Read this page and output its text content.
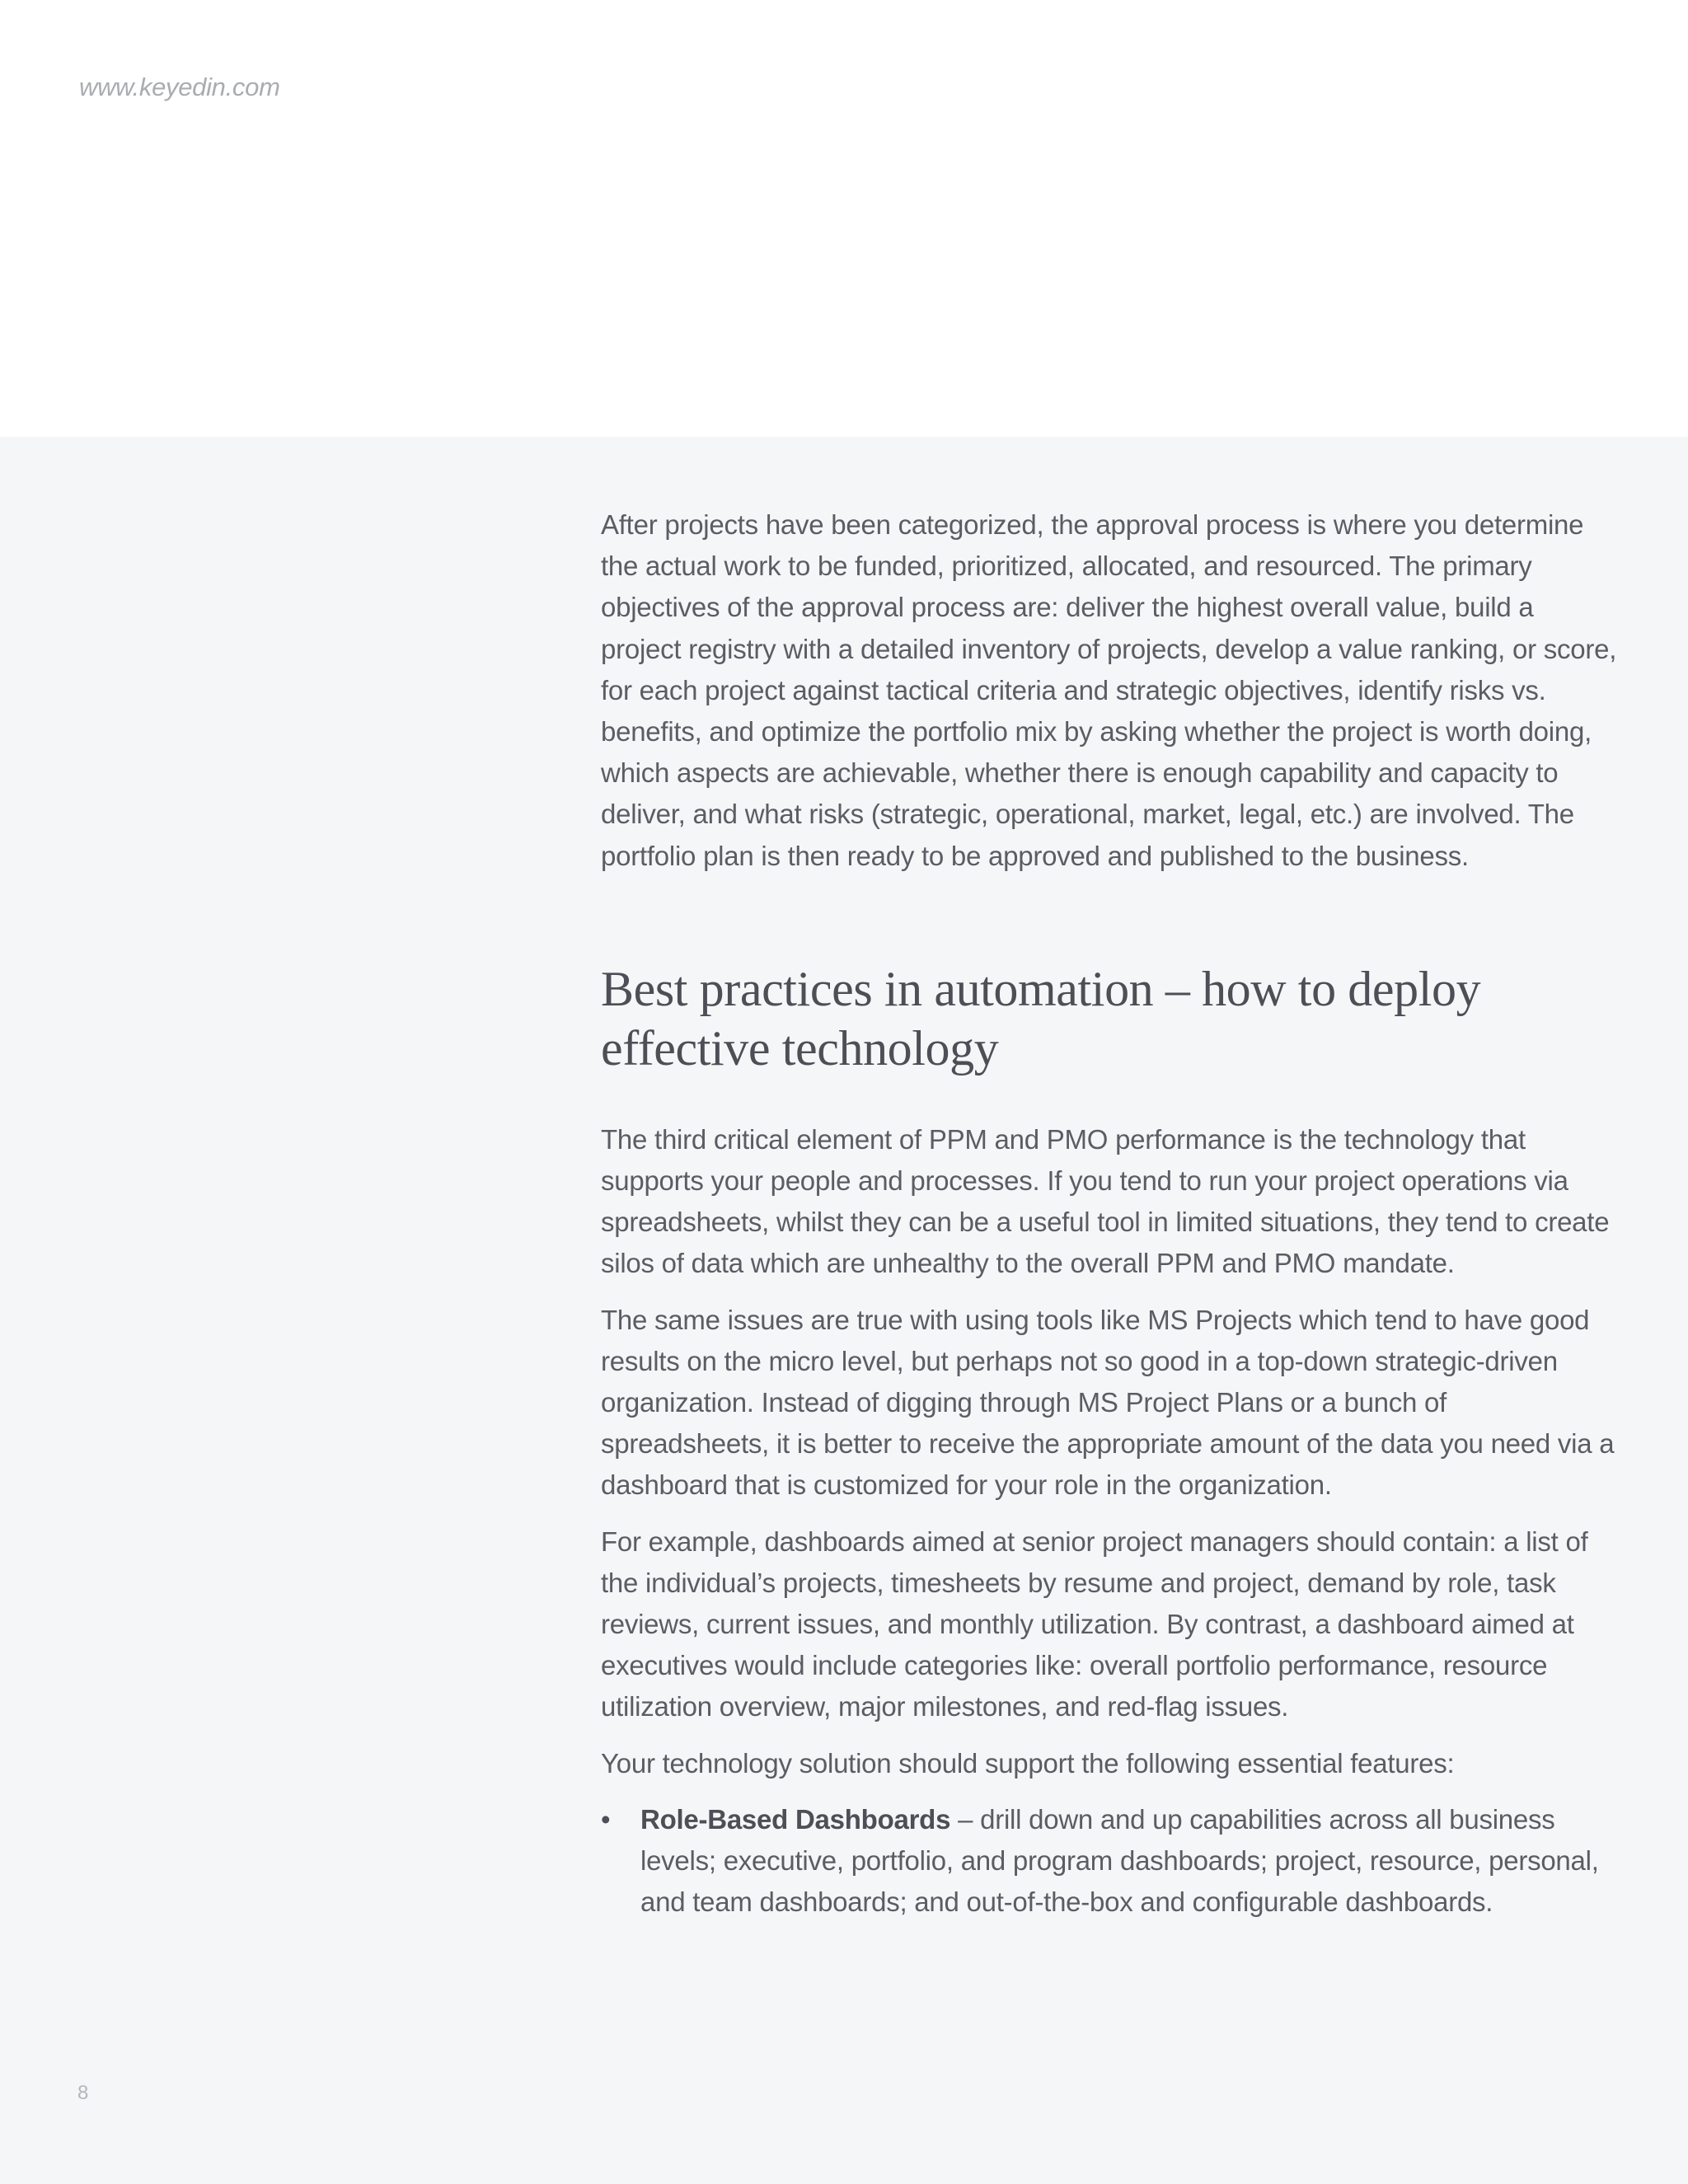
www.keyedin.com

After projects have been categorized, the approval process is where you determine the actual work to be funded, prioritized, allocated, and resourced. The primary objectives of the approval process are: deliver the highest overall value, build a project registry with a detailed inventory of projects, develop a value ranking, or score, for each project against tactical criteria and strategic objectives, identify risks vs. benefits, and optimize the portfolio mix by asking whether the project is worth doing, which aspects are achievable, whether there is enough capability and capacity to deliver, and what risks (strategic, operational, market, legal, etc.) are involved. The portfolio plan is then ready to be approved and published to the business.

Best practices in automation – how to deploy effective technology

The third critical element of PPM and PMO performance is the technology that supports your people and processes. If you tend to run your project operations via spreadsheets, whilst they can be a useful tool in limited situations, they tend to create silos of data which are unhealthy to the overall PPM and PMO mandate.

The same issues are true with using tools like MS Projects which tend to have good results on the micro level, but perhaps not so good in a top-down strategic-driven organization. Instead of digging through MS Project Plans or a bunch of spreadsheets, it is better to receive the appropriate amount of the data you need via a dashboard that is customized for your role in the organization.

For example, dashboards aimed at senior project managers should contain: a list of the individual’s projects, timesheets by resume and project, demand by role, task reviews, current issues, and monthly utilization. By contrast, a dashboard aimed at executives would include categories like: overall portfolio performance, resource utilization overview, major milestones, and red-flag issues.

Your technology solution should support the following essential features:

• Role-Based Dashboards – drill down and up capabilities across all business levels; executive, portfolio, and program dashboards; project, resource, personal, and team dashboards; and out-of-the-box and configurable dashboards.
8
